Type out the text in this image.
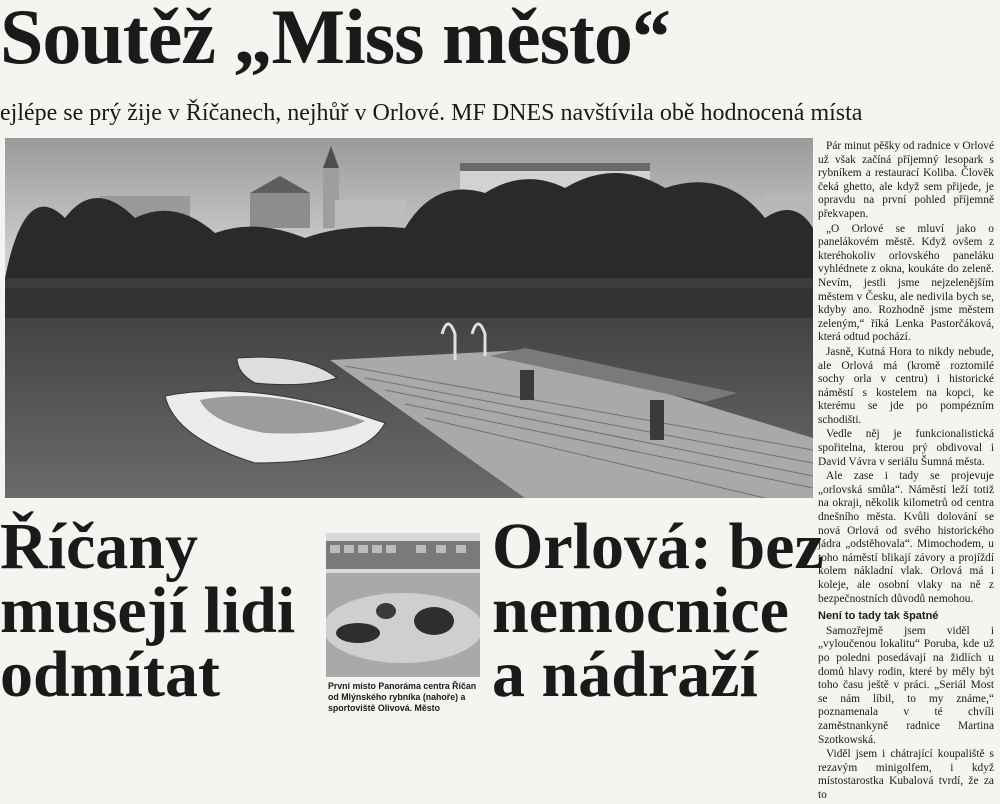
Soutěž „Miss město“
ejlépe se prý žije v Říčanech, nejhůř v Orlové. MF DNES navštívila obě hodnocená místa

Pár minut pěšky od radnice v Orlové už však začíná příjemný lesopark s rybníkem a restaurací Koliba. Člověk čeká ghetto, ale když sem přijede, je opravdu na první pohled příjemně překvapen.

„O Orlové se mluví jako o panelákovém městě. Když ovšem z kteréhokoliv orlovského paneláku vyhlédnete z okna, koukáte do zeleně. Nevím, jestli jsme nejzelenějším městem v Česku, ale nedivila bych se, kdyby ano. Rozhodně jsme městem zeleným,“ říká Lenka Pastorčáková, která odtud pochází.

Jasně, Kutná Hora to nikdy nebude, ale Orlová má (kromě roztomilé sochy orla v centru) i historické náměstí s kostelem na kopci, ke kterému se jde po pompézním schodišti.

Vedle něj je funkcionalistická spořitelna, kterou prý obdivoval i David Vávra v seriálu Šumná města.

Ale zase i tady se projevuje „orlovská smůla“. Náměstí leží totiž na okraji, několik kilometrů od centra dnešního města. Kvůli dolování se nová Orlová od svého historického jádra „odstěhovala“. Mimochodem, u toho náměstí blikají závory a projíždí kolem nákladní vlak. Orlová má i koleje, ale osobní vlaky na ně z bezpečnostních důvodů nemohou.

Není to tady tak špatné

Samozřejmě jsem viděl i „vyloučenou lokalitu“ Poruba, kde už po poledni posedávají na židlích u domů hlavy rodin, které by měly být toho času ještě v práci. „Seriál Most se nám líbil, to my známe,“ poznamenala v té chvíli zaměstnankyně radnice Martina Szotkowská.

Viděl jsem i chátrající koupaliště s rezavým minigolfem, i když místostarostka Kubalová tvrdí, že za to

Říčany
musejí lidi
odmítat	První místo Panoráma centra Říčan od Mlýnského rybníka (nahoře) a sportoviště Olivová. Město
Orlová: bez
nemocnice
a nádraží
